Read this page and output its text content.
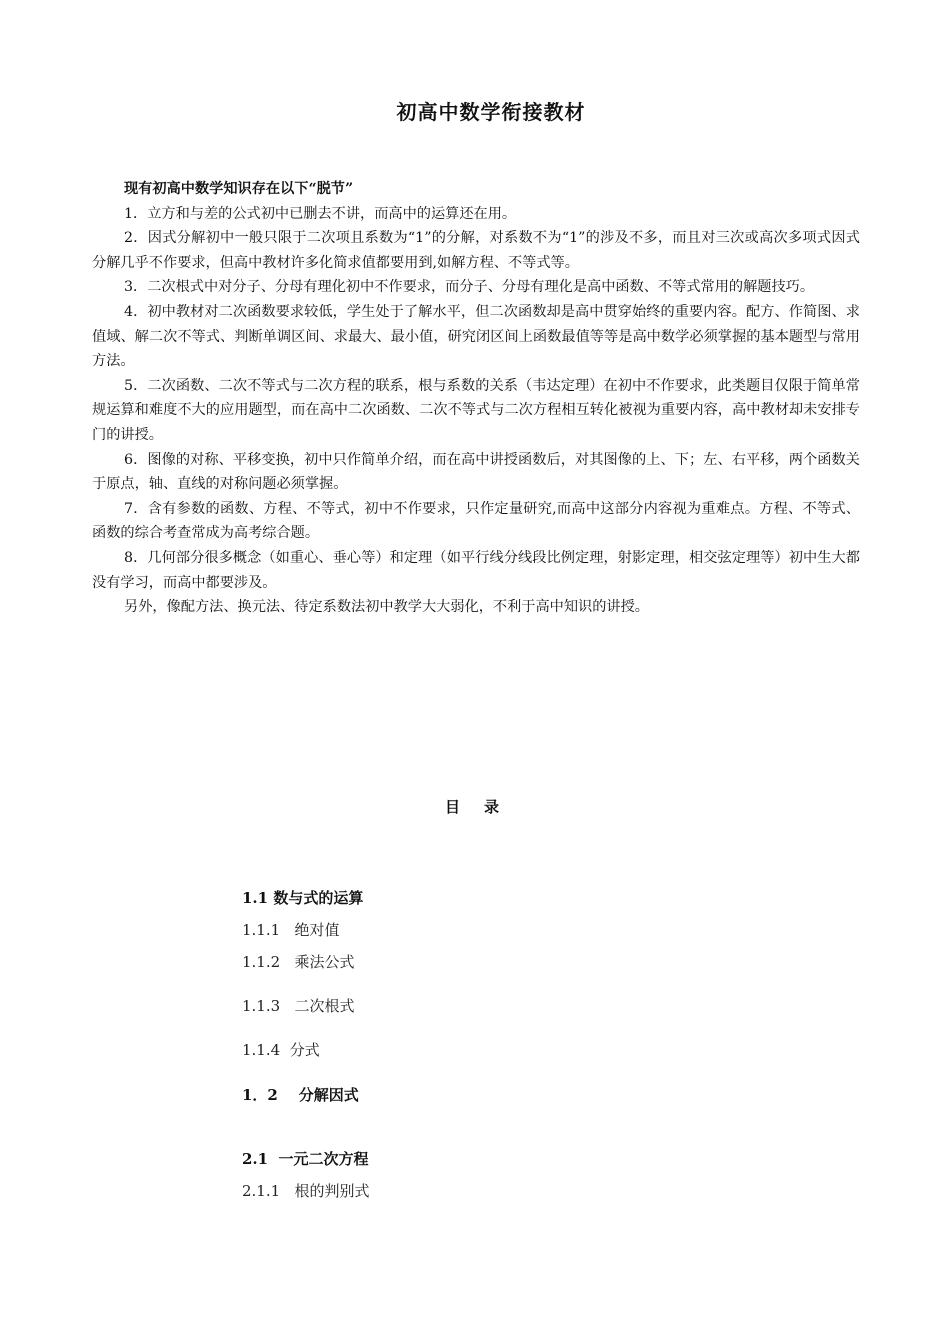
初高中数学衔接教材

现有初高中数学知识存在以下“脱节”

1．立方和与差的公式初中已删去不讲，而高中的运算还在用。

2．因式分解初中一般只限于二次项且系数为“1”的分解，对系数不为“1”的涉及不多，而且对三次或高次多项式因式分解几乎不作要求，但高中教材许多化简求值都要用到,如解方程、不等式等。

3．二次根式中对分子、分母有理化初中不作要求，而分子、分母有理化是高中函数、不等式常用的解题技巧。

4．初中教材对二次函数要求较低，学生处于了解水平，但二次函数却是高中贯穿始终的重要内容。配方、作简图、求值域、解二次不等式、判断单调区间、求最大、最小值，研究闭区间上函数最值等等是高中数学必须掌握的基本题型与常用方法。

5．二次函数、二次不等式与二次方程的联系，根与系数的关系（韦达定理）在初中不作要求，此类题目仅限于简单常规运算和难度不大的应用题型，而在高中二次函数、二次不等式与二次方程相互转化被视为重要内容，高中教材却未安排专门的讲授。

6．图像的对称、平移变换，初中只作简单介绍，而在高中讲授函数后，对其图像的上、下；左、右平移，两个函数关于原点，轴、直线的对称问题必须掌握。

7．含有参数的函数、方程、不等式，初中不作要求，只作定量研究,而高中这部分内容视为重难点。方程、不等式、函数的综合考查常成为高考综合题。

8．几何部分很多概念（如重心、垂心等）和定理（如平行线分线段比例定理，射影定理，相交弦定理等）初中生大都没有学习，而高中都要涉及。

另外，像配方法、换元法、待定系数法初中教学大大弱化，不利于高中知识的讲授。

目录
1.1 数与式的运算
1.1.1   绝对值
1.1.2   乘法公式
1.1.3   二次根式
1.1.4  分式
1．2    分解因式
2.1  一元二次方程
2.1.1   根的判别式
